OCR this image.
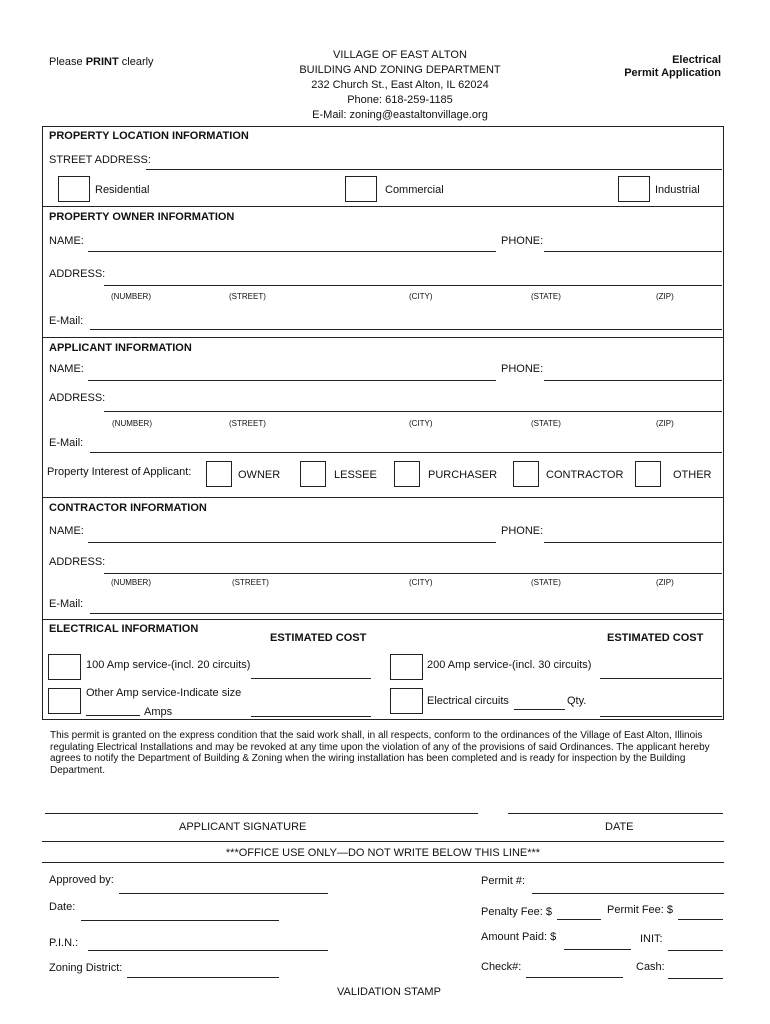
Please PRINT clearly
VILLAGE OF EAST ALTON
BUILDING AND ZONING DEPARTMENT
232 Church St., East Alton, IL 62024
Phone: 618-259-1185
E-Mail: zoning@eastaltonvillage.org
Electrical
Permit Application
PROPERTY LOCATION INFORMATION
STREET ADDRESS:
Residential	Commercial	Industrial
PROPERTY OWNER INFORMATION
NAME:	PHONE:
ADDRESS:
(NUMBER)	(STREET)	(CITY)	(STATE)	(ZIP)
E-Mail:
APPLICANT INFORMATION
NAME:	PHONE:
ADDRESS:
(NUMBER)	(STREET)	(CITY)	(STATE)	(ZIP)
E-Mail:
Property Interest of Applicant:	OWNER	LESSEE	PURCHASER	CONTRACTOR	OTHER
CONTRACTOR INFORMATION
NAME:	PHONE:
ADDRESS:
(NUMBER)	(STREET)	(CITY)	(STATE)	(ZIP)
E-Mail:
ELECTRICAL INFORMATION
ESTIMATED COST	ESTIMATED COST
100 Amp service-(incl. 20 circuits)	200 Amp service-(incl. 30 circuits)
Other Amp service-Indicate size
Amps
Electrical circuits	Qty.
This permit is granted on the express condition that the said work shall, in all respects, conform to the ordinances of the Village of East Alton, Illinois regulating Electrical Installations and may be revoked at any time upon the violation of any of the provisions of said Ordinances. The applicant hereby agrees to notify the Department of Building & Zoning when the wiring installation has been completed and is ready for inspection by the Building Department.
APPLICANT SIGNATURE	DATE
***OFFICE USE ONLY—DO NOT WRITE BELOW THIS LINE***
Approved by:
Date:
P.I.N.:
Zoning District:
Permit #:
Penalty Fee: $	Permit Fee: $
Amount Paid: $	INIT:
Check#:	Cash:
VALIDATION STAMP
